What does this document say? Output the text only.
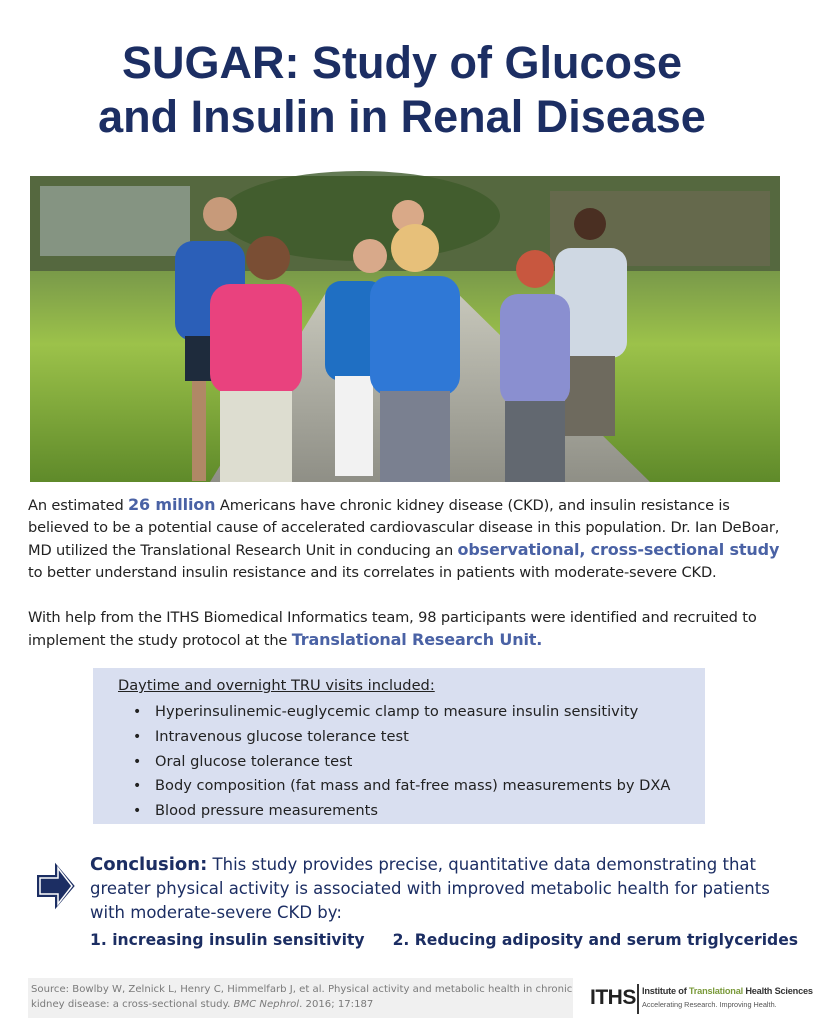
SUGAR: Study of Glucose
and Insulin in Renal Disease
An estimated 26 million Americans have chronic kidney disease (CKD), and insulin resistance is believed to be a potential cause of accelerated cardiovascular disease in this population. Dr. Ian DeBoar, MD utilized the Translational Research Unit in conducing an observational, cross-sectional study to better understand insulin resistance and its correlates in patients with moderate-severe CKD.
With help from the ITHS Biomedical Informatics team, 98 participants were identified and recruited to implement the study protocol at the Translational Research Unit.
Daytime and overnight TRU visits included:
• Hyperinsulinemic-euglycemic clamp to measure insulin sensitivity
• Intravenous glucose tolerance test
• Oral glucose tolerance test
• Body composition (fat mass and fat-free mass) measurements by DXA
• Blood pressure measurements
Conclusion: This study provides precise, quantitative data demonstrating that greater physical activity is associated with improved metabolic health for patients with moderate-severe CKD by:
1. increasing insulin sensitivity 2. Reducing adiposity and serum triglycerides
Source: Bowlby W, Zelnick L, Henry C, Himmelfarb J, et al. Physical activity and metabolic health in chronic kidney disease: a cross-sectional study. BMC Nephrol. 2016; 17:187	ITHS Institute of Translational Health Sciences
Accelerating Research. Improving Health.
